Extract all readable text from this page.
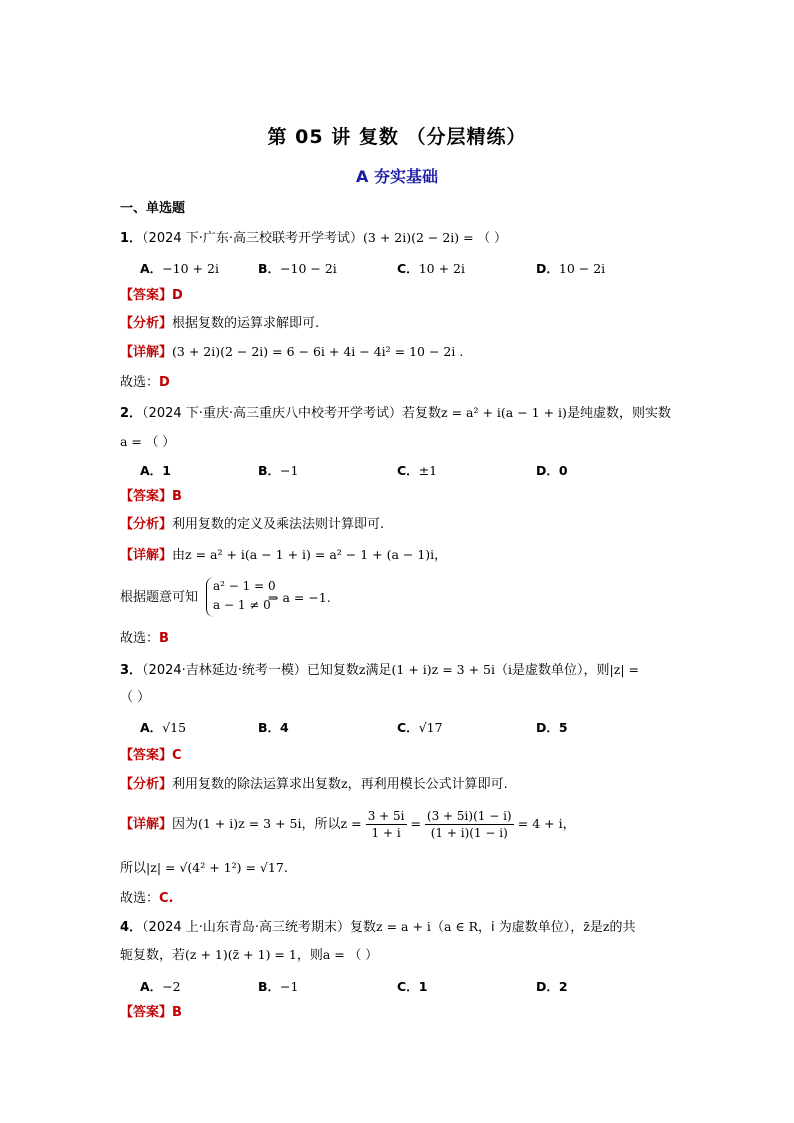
第 05 讲 复数 （分层精练）
A 夯实基础
一、单选题
1．（2024 下·广东·高三校联考开学考试）(3 + 2i)(2 − 2i) = （ ）
A．−10 + 2i	B．−10 − 2i	C．10 + 2i	D．10 − 2i
【答案】D
【分析】根据复数的运算求解即可.
【详解】(3 + 2i)(2 − 2i) = 6 − 6i + 4i − 4i² = 10 − 2i .
故选：D
2．（2024 下·重庆·高三重庆八中校考开学考试）若复数z = a² + i(a − 1 + i)是纯虚数，则实数
a = （ ）
A．1	B．−1	C．±1	D．0
【答案】B
【分析】利用复数的定义及乘法法则计算即可.
【详解】由z = a² + i(a − 1 + i) = a² − 1 + (a − 1)i，
根据题意可知
a² − 1 = 0
a − 1 ≠ 0
⇒ a = −1.
故选：B
3．（2024·吉林延边·统考一模）已知复数z满足(1 + i)z = 3 + 5i（i是虚数单位），则|z| =
（ ）
A．√15	B．4	C．√17	D．5
【答案】C
【分析】利用复数的除法运算求出复数z，再利用模长公式计算即可.
【详解】因为(1 + i)z = 3 + 5i，所以$z = \frac{3 + 5i}{1 + i} = \frac{(3 + 5i)(1 - i)}{(1 + i)(1 - i)} = 4 + i$，
所以|z| = √(4² + 1²) = √17.
故选：C.
4．（2024 上·山东青岛·高三统考期末）复数z = a + i（a ∈ R，i 为虚数单位），z̄是z的共
轭复数，若(z + 1)(z̄ + 1) = 1，则a = （ ）
A．−2	B．−1	C．1	D．2
【答案】B
